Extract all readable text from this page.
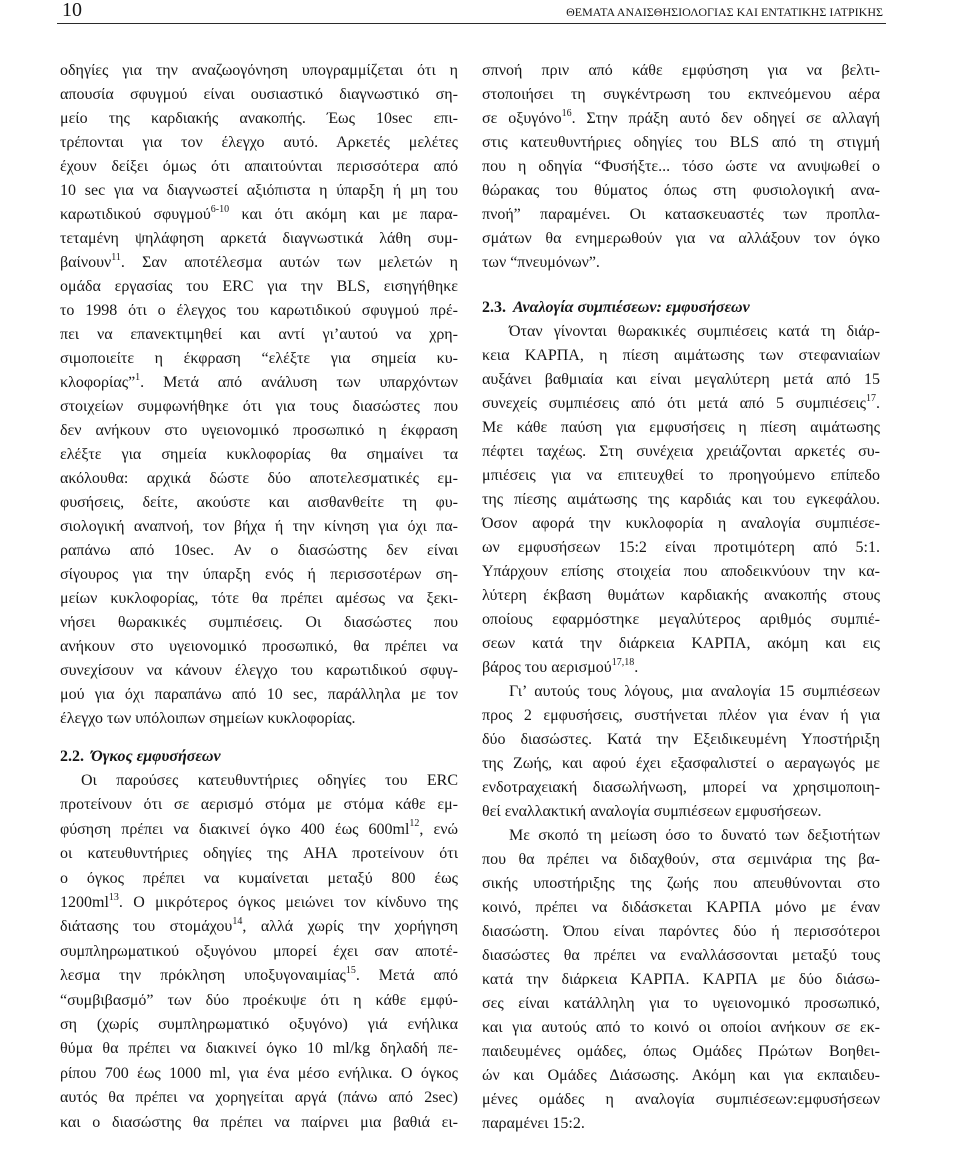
10	ΘΕΜΑΤΑ ΑΝΑΙΣΘΗΣΙΟΛΟΓΙΑΣ ΚΑΙ ΕΝΤΑΤΙΚΗΣ ΙΑΤΡΙΚΗΣ
οδηγίες για την αναζωογόνηση υπογραμμίζεται ότι η
απουσία σφυγμού είναι ουσιαστικό διαγνωστικό ση-
μείο της καρδιακής ανακοπής. Έως 10sec επι-
τρέπονται για τον έλεγχο αυτό. Αρκετές μελέτες
έχουν δείξει όμως ότι απαιτούνται περισσότερα από
10 sec για να διαγνωστεί αξιόπιστα η ύπαρξη ή μη του
καρωτιδικού σφυγμού$^{6-10}$ και ότι ακόμη και με παρα-
τεταμένη ψηλάφηση αρκετά διαγνωστικά λάθη συμ-
βαίνουν$^{11}$. Σαν αποτέλεσμα αυτών των μελετών η
ομάδα εργασίας του ERC για την BLS, εισηγήθηκε
το 1998 ότι ο έλεγχος του καρωτιδικού σφυγμού πρέ-
πει να επανεκτιμηθεί και αντί γι’αυτού να χρη-
σιμοποιείτε η έκφραση “ελέξτε για σημεία κυ-
κλοφορίας”$^1$. Μετά από ανάλυση των υπαρχόντων
στοιχείων συμφωνήθηκε ότι για τους διασώστες που
δεν ανήκουν στο υγειονομικό προσωπικό η έκφραση
ελέξτε για σημεία κυκλοφορίας θα σημαίνει τα
ακόλουθα: αρχικά δώστε δύο αποτελεσματικές εμ-
φυσήσεις, δείτε, ακούστε και αισθανθείτε τη φυ-
σιολογική αναπνοή, τον βήχα ή την κίνηση για όχι πα-
ραπάνω από 10sec. Αν ο διασώστης δεν είναι
σίγουρος για την ύπαρξη ενός ή περισσοτέρων ση-
μείων κυκλοφορίας, τότε θα πρέπει αμέσως να ξεκι-
νήσει θωρακικές συμπιέσεις. Οι διασώστες που
ανήκουν στο υγειονομικό προσωπικό, θα πρέπει να
συνεχίσουν να κάνουν έλεγχο του καρωτιδικού σφυγ-
μού για όχι παραπάνω από 10 sec, παράλληλα με τον
έλεγχο των υπόλοιπων σημείων κυκλοφορίας.
2.2. Όγκος εμφυσήσεων
Οι παρούσες κατευθυντήριες οδηγίες του ERC
προτείνουν ότι σε αερισμό στόμα με στόμα κάθε εμ-
φύσηση πρέπει να διακινεί όγκο 400 έως $600ml^{12}$, ενώ
οι κατευθυντήριες οδηγίες της AHA προτείνουν ότι
ο όγκος πρέπει να κυμαίνεται μεταξύ 800 έως
$1200ml^{13}$. Ο μικρότερος όγκος μειώνει τον κίνδυνο της
διάτασης του στομάχου$^{14}$, αλλά χωρίς την χορήγηση
συμπληρωματικού οξυγόνου μπορεί έχει σαν αποτέ-
λεσμα την πρόκληση υποξυγοναιμίας$^{15}$. Μετά από
“συμβιβασμό” των δύο προέκυψε ότι η κάθε εμφύ-
ση (χωρίς συμπληρωματικό οξυγόνο) γιά ενήλικα
θύμα θα πρέπει να διακινεί όγκο 10 ml/kg δηλαδή πε-
ρίπου 700 έως 1000 ml, για ένα μέσο ενήλικα. Ο όγκος
αυτός θα πρέπει να χορηγείται αργά (πάνω από 2sec)
και ο διασώστης θα πρέπει να παίρνει μια βαθιά ει-
σπνοή πριν από κάθε εμφύσηση για να βελτι-
στοποιήσει τη συγκέντρωση του εκπνεόμενου αέρα
σε οξυγόνο$^{16}$. Στην πράξη αυτό δεν οδηγεί σε αλλαγή
στις κατευθυντήριες οδηγίες του BLS από τη στιγμή
που η οδηγία “Φυσήξτε... τόσο ώστε να ανυψωθεί ο
θώρακας του θύματος όπως στη φυσιολογική ανα-
πνοή” παραμένει. Οι κατασκευαστές των προπλα-
σμάτων θα ενημερωθούν για να αλλάξουν τον όγκο
των “πνευμόνων”.
2.3. Αναλογία συμπιέσεων: εμφυσήσεων
Όταν γίνονται θωρακικές συμπιέσεις κατά τη διάρ-
κεια ΚΑΡΠΑ, η πίεση αιμάτωσης των στεφανιαίων
αυξάνει βαθμιαία και είναι μεγαλύτερη μετά από 15
συνεχείς συμπιέσεις από ότι μετά από 5 συμπιέσεις$^{17}$.
Με κάθε παύση για εμφυσήσεις η πίεση αιμάτωσης
πέφτει ταχέως. Στη συνέχεια χρειάζονται αρκετές συ-
μπιέσεις για να επιτευχθεί το προηγούμενο επίπεδο
της πίεσης αιμάτωσης της καρδιάς και του εγκεφάλου.
Όσον αφορά την κυκλοφορία η αναλογία συμπιέσε-
ων εμφυσήσεων 15:2 είναι προτιμότερη από 5:1.
Υπάρχουν επίσης στοιχεία που αποδεικνύουν την κα-
λύτερη έκβαση θυμάτων καρδιακής ανακοπής στους
οποίους εφαρμόστηκε μεγαλύτερος αριθμός συμπιέ-
σεων κατά την διάρκεια ΚΑΡΠΑ, ακόμη και εις
βάρος του αερισμού$^{17,18}$.
Γι’ αυτούς τους λόγους, μια αναλογία 15 συμπιέσεων
προς 2 εμφυσήσεις, συστήνεται πλέον για έναν ή για
δύο διασώστες. Κατά την Εξειδικευμένη Υποστήριξη
της Ζωής, και αφού έχει εξασφαλιστεί ο αεραγωγός με
ενδοτραχειακή διασωλήνωση, μπορεί να χρησιμοποιη-
θεί εναλλακτική αναλογία συμπιέσεων εμφυσήσεων.
Με σκοπό τη μείωση όσο το δυνατό των δεξιοτήτων
που θα πρέπει να διδαχθούν, στα σεμινάρια της βα-
σικής υποστήριξης της ζωής που απευθύνονται στο
κοινό, πρέπει να διδάσκεται ΚΑΡΠΑ μόνο με έναν
διασώστη. Όπου είναι παρόντες δύο ή περισσότεροι
διασώστες θα πρέπει να εναλλάσσονται μεταξύ τους
κατά την διάρκεια ΚΑΡΠΑ. ΚΑΡΠΑ με δύο διάσω-
σες είναι κατάλληλη για το υγειονομικό προσωπικό,
και για αυτούς από το κοινό οι οποίοι ανήκουν σε εκ-
παιδευμένες ομάδες, όπως Ομάδες Πρώτων Βοηθει-
ών και Ομάδες Διάσωσης. Ακόμη και για εκπαιδευ-
μένες ομάδες η αναλογία συμπιέσεων:εμφυσήσεων
παραμένει 15:2.
